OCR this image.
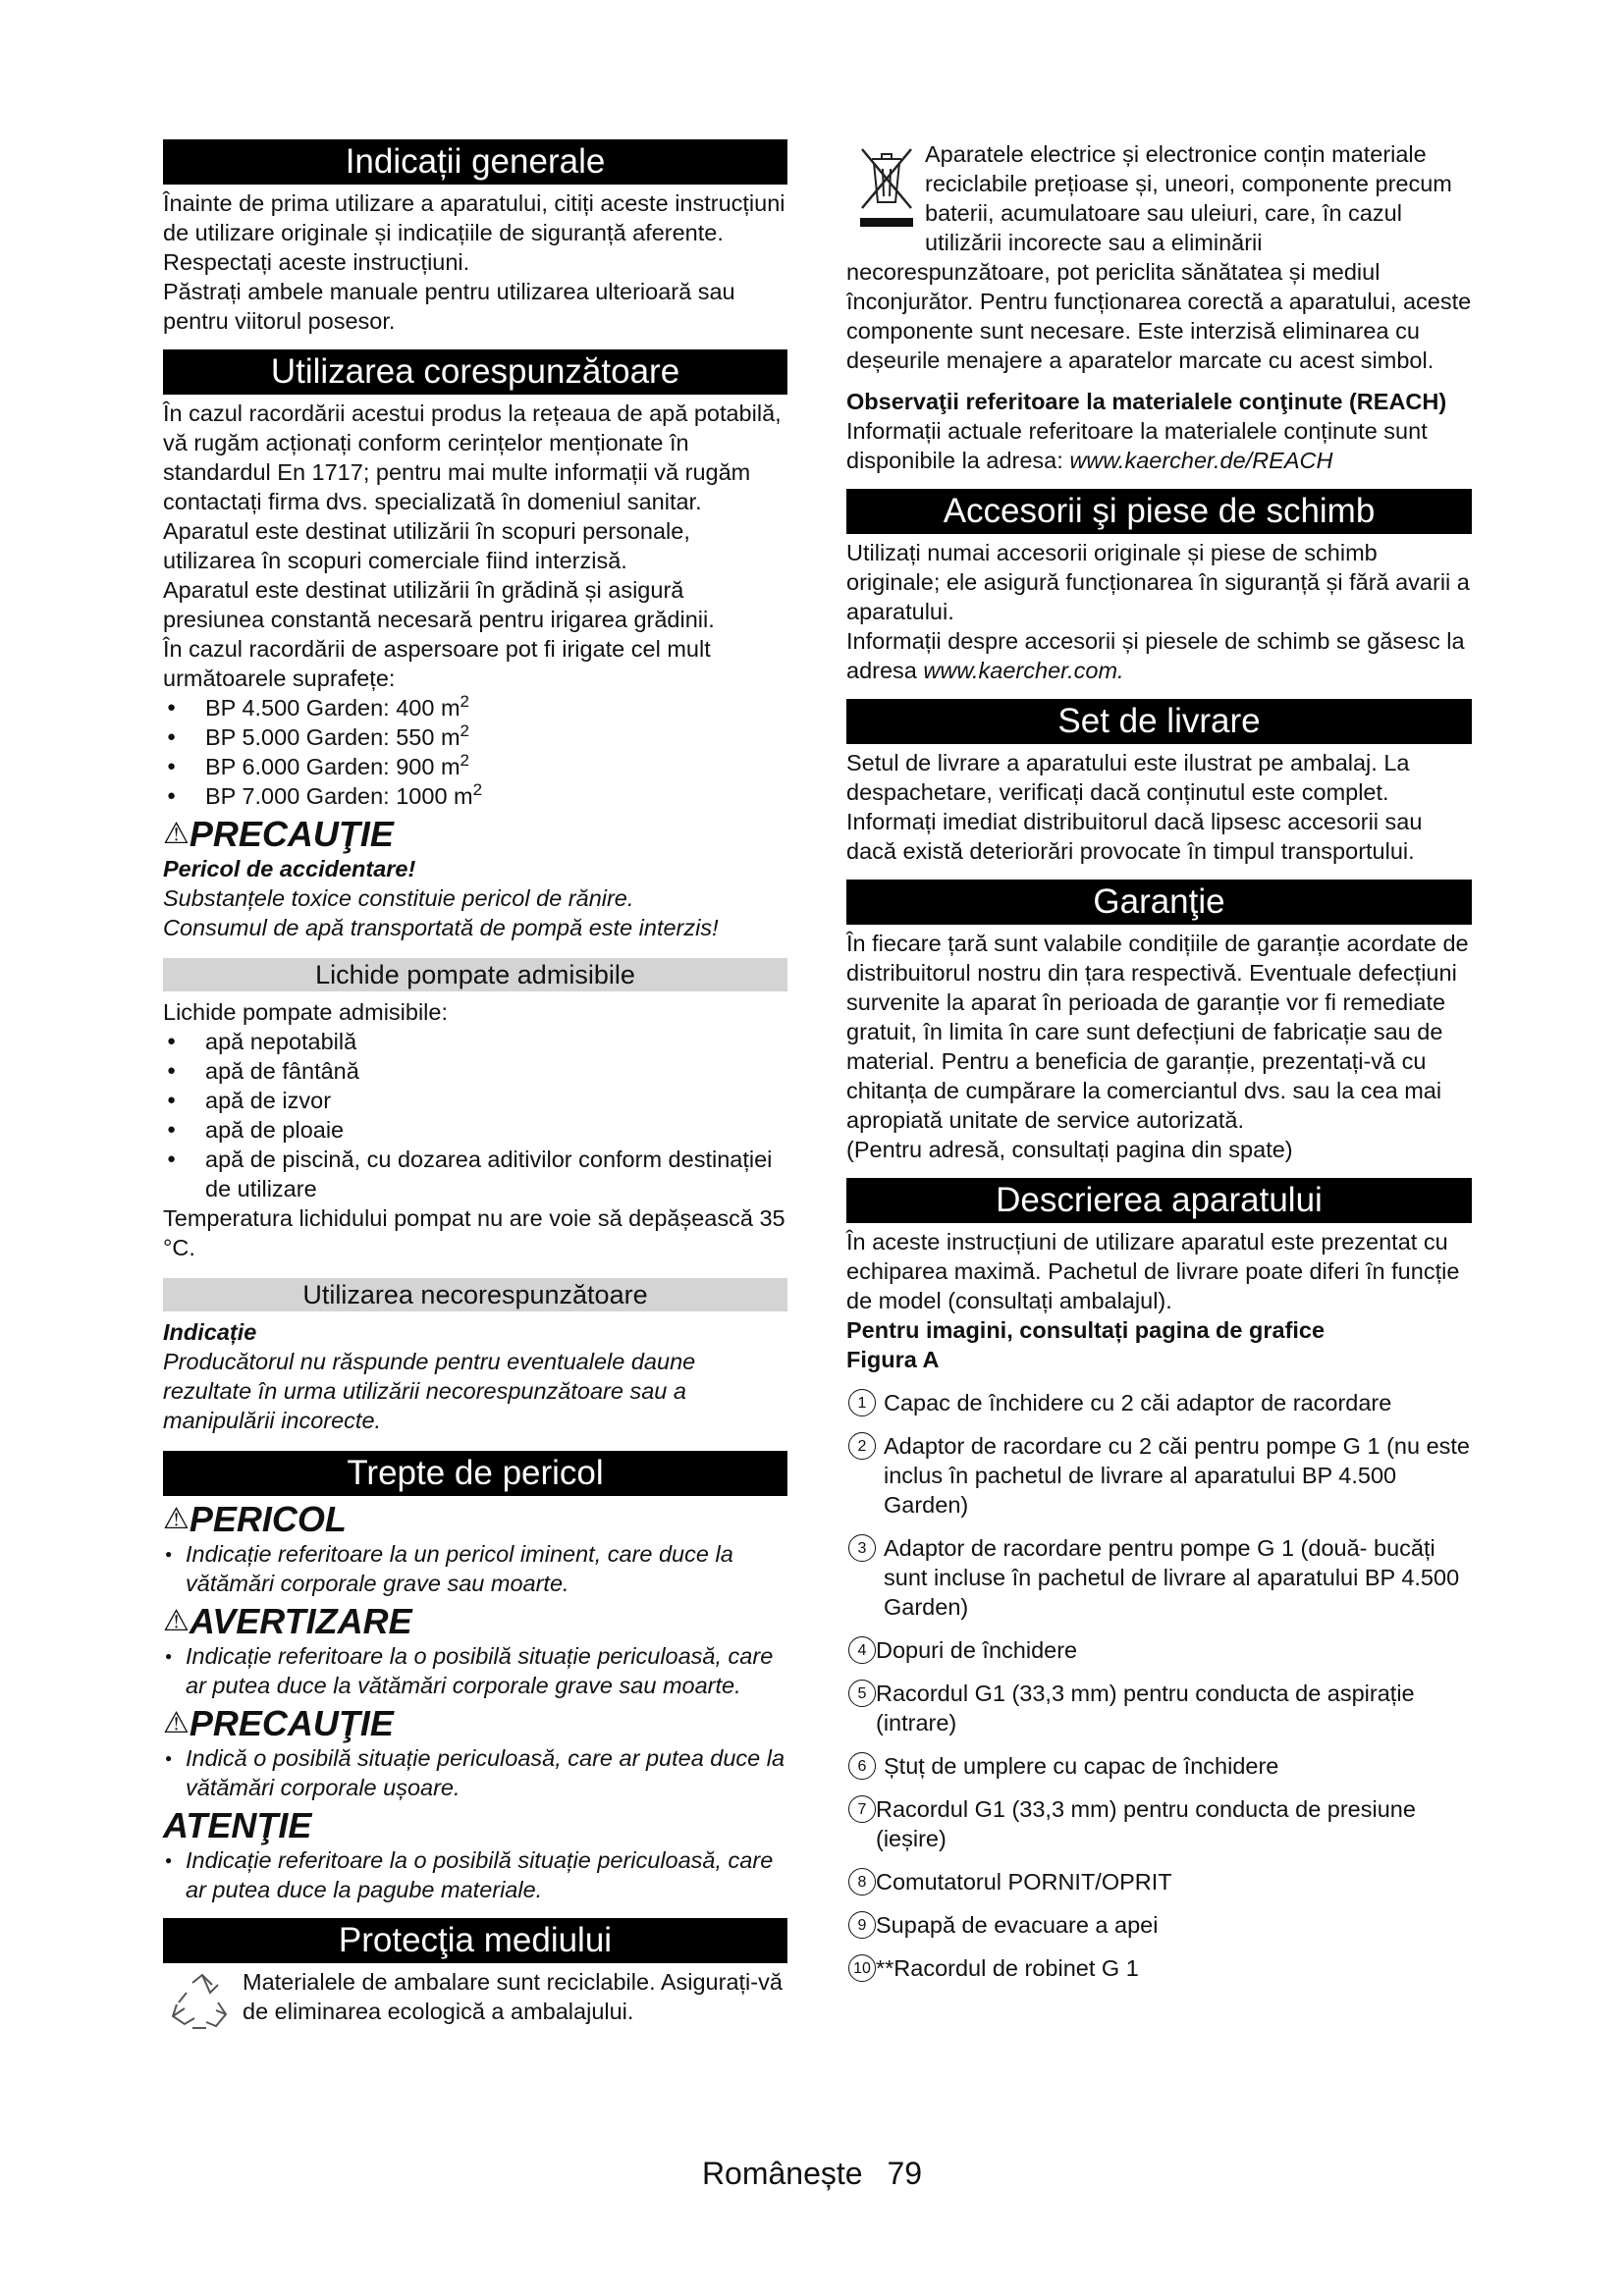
Indicații generale

Înainte de prima utilizare a aparatului, citiți aceste instrucțiuni de utilizare originale și indicațiile de siguranță aferente. Respectați aceste instrucțiuni.

Păstrați ambele manuale pentru utilizarea ulterioară sau pentru viitorul posesor.

Utilizarea corespunzătoare

În cazul racordării acestui produs la rețeaua de apă potabilă, vă rugăm acționați conform cerințelor menționate în standardul En 1717; pentru mai multe informații vă rugăm contactați firma dvs. specializată în domeniul sanitar.

Aparatul este destinat utilizării în scopuri personale, utilizarea în scopuri comerciale fiind interzisă.

Aparatul este destinat utilizării în grădină și asigură presiunea constantă necesară pentru irigarea grădinii.

În cazul racordării de aspersoare pot fi irigate cel mult următoarele suprafețe:

● BP 4.500 Garden: 400 $m^2$
● BP 5.000 Garden: 550 $m^2$
● BP 6.000 Garden: 900 $m^2$
● BP 7.000 Garden: 1000 $m^2$
⚠PRECAUŢIE

Pericol de accidentare!

Substanțele toxice constituie pericol de rănire.

Consumul de apă transportată de pompă este interzis!

Lichide pompate admisibile

Lichide pompate admisibile:

● apă nepotabilă
● apă de fântână
● apă de izvor
● apă de ploaie
● apă de piscină, cu dozarea aditivilor conform destinației de utilizare

Temperatura lichidului pompat nu are voie să depășească 35 °C.

Utilizarea necorespunzătoare

Indicație

Producătorul nu răspunde pentru eventualele daune rezultate în urma utilizării necorespunzătoare sau a manipulării incorecte.

Trepte de pericol
⚠PERICOL
● Indicație referitoare la un pericol iminent, care duce la vătămări corporale grave sau moarte.
⚠AVERTIZARE
● Indicație referitoare la o posibilă situație periculoasă, care ar putea duce la vătămări corporale grave sau moarte.
⚠PRECAUŢIE
● Indică o posibilă situație periculoasă, care ar putea duce la vătămări corporale ușoare.
ATENŢIE
● Indicație referitoare la o posibilă situație periculoasă, care ar putea duce la pagube materiale.
Protecţia mediului

Materialele de ambalare sunt reciclabile. Asigurați-vă de eliminarea ecologică a ambalajului.

Aparatele electrice și electronice conțin materiale reciclabile prețioase și, uneori, componente precum baterii, acumulatoare sau uleiuri, care, în cazul utilizării incorecte sau a eliminării necorespunzătoare, pot periclita sănătatea și mediul înconjurător. Pentru funcționarea corectă a aparatului, aceste componente sunt necesare. Este interzisă eliminarea cu deșeurile menajere a aparatelor marcate cu acest simbol.

Observaţii referitoare la materialele conţinute (REACH)

Informații actuale referitoare la materialele conținute sunt disponibile la adresa: www.kaercher.de/REACH

Accesorii şi piese de schimb

Utilizați numai accesorii originale și piese de schimb originale; ele asigură funcționarea în siguranță și fără avarii a aparatului.

Informații despre accesorii și piesele de schimb se găsesc la adresa www.kaercher.com.

Set de livrare

Setul de livrare a aparatului este ilustrat pe ambalaj. La despachetare, verificați dacă conținutul este complet. Informați imediat distribuitorul dacă lipsesc accesorii sau dacă există deteriorări provocate în timpul transportului.

Garanţie

În fiecare țară sunt valabile condițiile de garanție acordate de distribuitorul nostru din țara respectivă. Eventuale defecțiuni survenite la aparat în perioada de garanție vor fi remediate gratuit, în limita în care sunt defecțiuni de fabricație sau de material. Pentru a beneficia de garanție, prezentați-vă cu chitanța de cumpărare la comerciantul dvs. sau la cea mai apropiată unitate de service autorizată.

(Pentru adresă, consultați pagina din spate)

Descrierea aparatului

În aceste instrucțiuni de utilizare aparatul este prezentat cu echiparea maximă. Pachetul de livrare poate diferi în funcție de model (consultați ambalajul).

Pentru imagini, consultați pagina de grafice

Figura A

1 Capac de închidere cu 2 căi adaptor de racordare
2 Adaptor de racordare cu 2 căi pentru pompe G 1 (nu este inclus în pachetul de livrare al aparatului BP 4.500 Garden)
3 Adaptor de racordare pentru pompe G 1 (două- bucăți sunt incluse în pachetul de livrare al aparatului BP 4.500 Garden)
4 Dopuri de închidere
5 Racordul G1 (33,3 mm) pentru conducta de aspirație (intrare)
6 Ștuț de umplere cu capac de închidere
7 Racordul G1 (33,3 mm) pentru conducta de presiune (ieșire)
8 Comutatorul PORNIT/OPRIT
9 Supapă de evacuare a apei
10 **Racordul de robinet G 1
Românește 79
